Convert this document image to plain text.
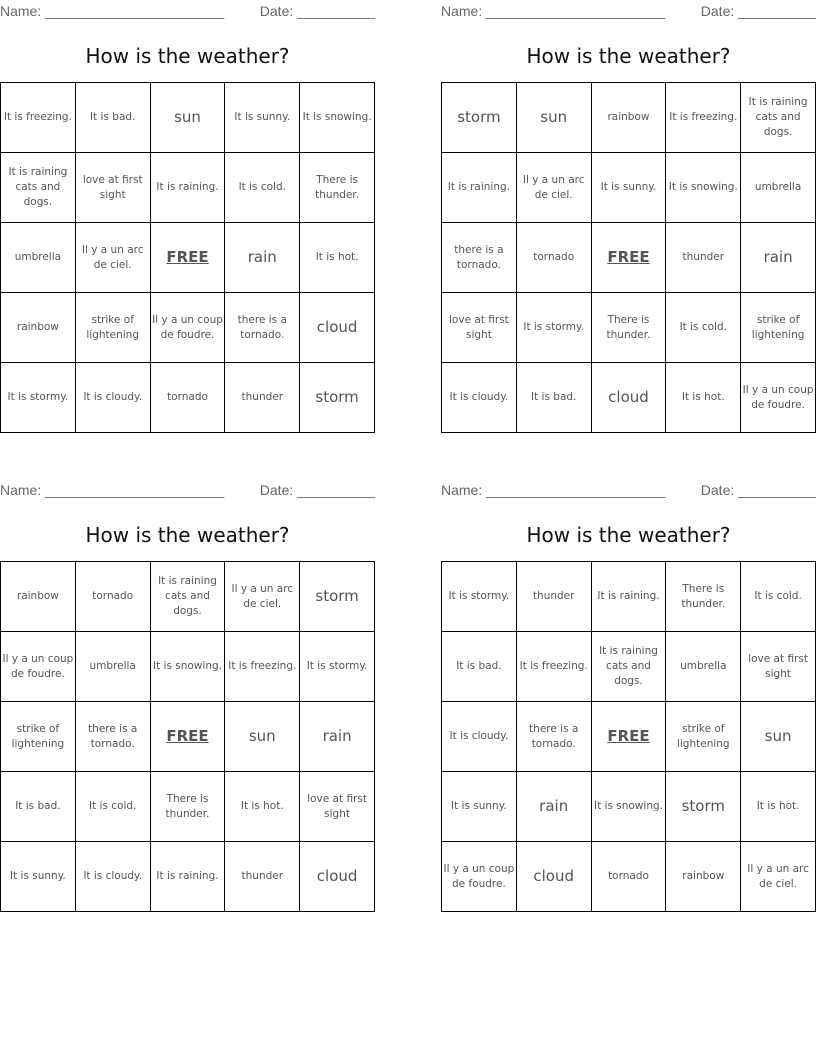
Name: _______________________	Date: __________
How is the weather?
It is freezing.	It is bad.	sun	It is sunny.	It is snowing.
It is raining cats and dogs.	love at first sight	It is raining.	It is cold.	There is thunder.
umbrella	Il y a un arc de ciel.	FREE	rain	It is hot.
rainbow	strike of lightening	Il y a un coup de foudre.	there is a tornado.	cloud
It is stormy.	It is cloudy.	tornado	thunder	storm
Name: _______________________	Date: __________
How is the weather?
storm	sun	rainbow	It is freezing.	It is raining cats and dogs.
It is raining.	Il y a un arc de ciel.	It is sunny.	It is snowing.	umbrella
there is a tornado.	tornado	FREE	thunder	rain
love at first sight	It is stormy.	There is thunder.	It is cold.	strike of lightening
It is cloudy.	It is bad.	cloud	It is hot.	Il y a un coup de foudre.
Name: _______________________	Date: __________
How is the weather?
rainbow	tornado	It is raining cats and dogs.	Il y a un arc de ciel.	storm
Il y a un coup de foudre.	umbrella	It is snowing.	It is freezing.	It is stormy.
strike of lightening	there is a tornado.	FREE	sun	rain
It is bad.	It is cold.	There is thunder.	It is hot.	love at first sight
It is sunny.	It is cloudy.	It is raining.	thunder	cloud
Name: _______________________	Date: __________
How is the weather?
It is stormy.	thunder	It is raining.	There is thunder.	It is cold.
It is bad.	It is freezing.	It is raining cats and dogs.	umbrella	love at first sight
It is cloudy.	there is a tornado.	FREE	strike of lightening	sun
It is sunny.	rain	It is snowing.	storm	It is hot.
Il y a un coup de foudre.	cloud	tornado	rainbow	Il y a un arc de ciel.
